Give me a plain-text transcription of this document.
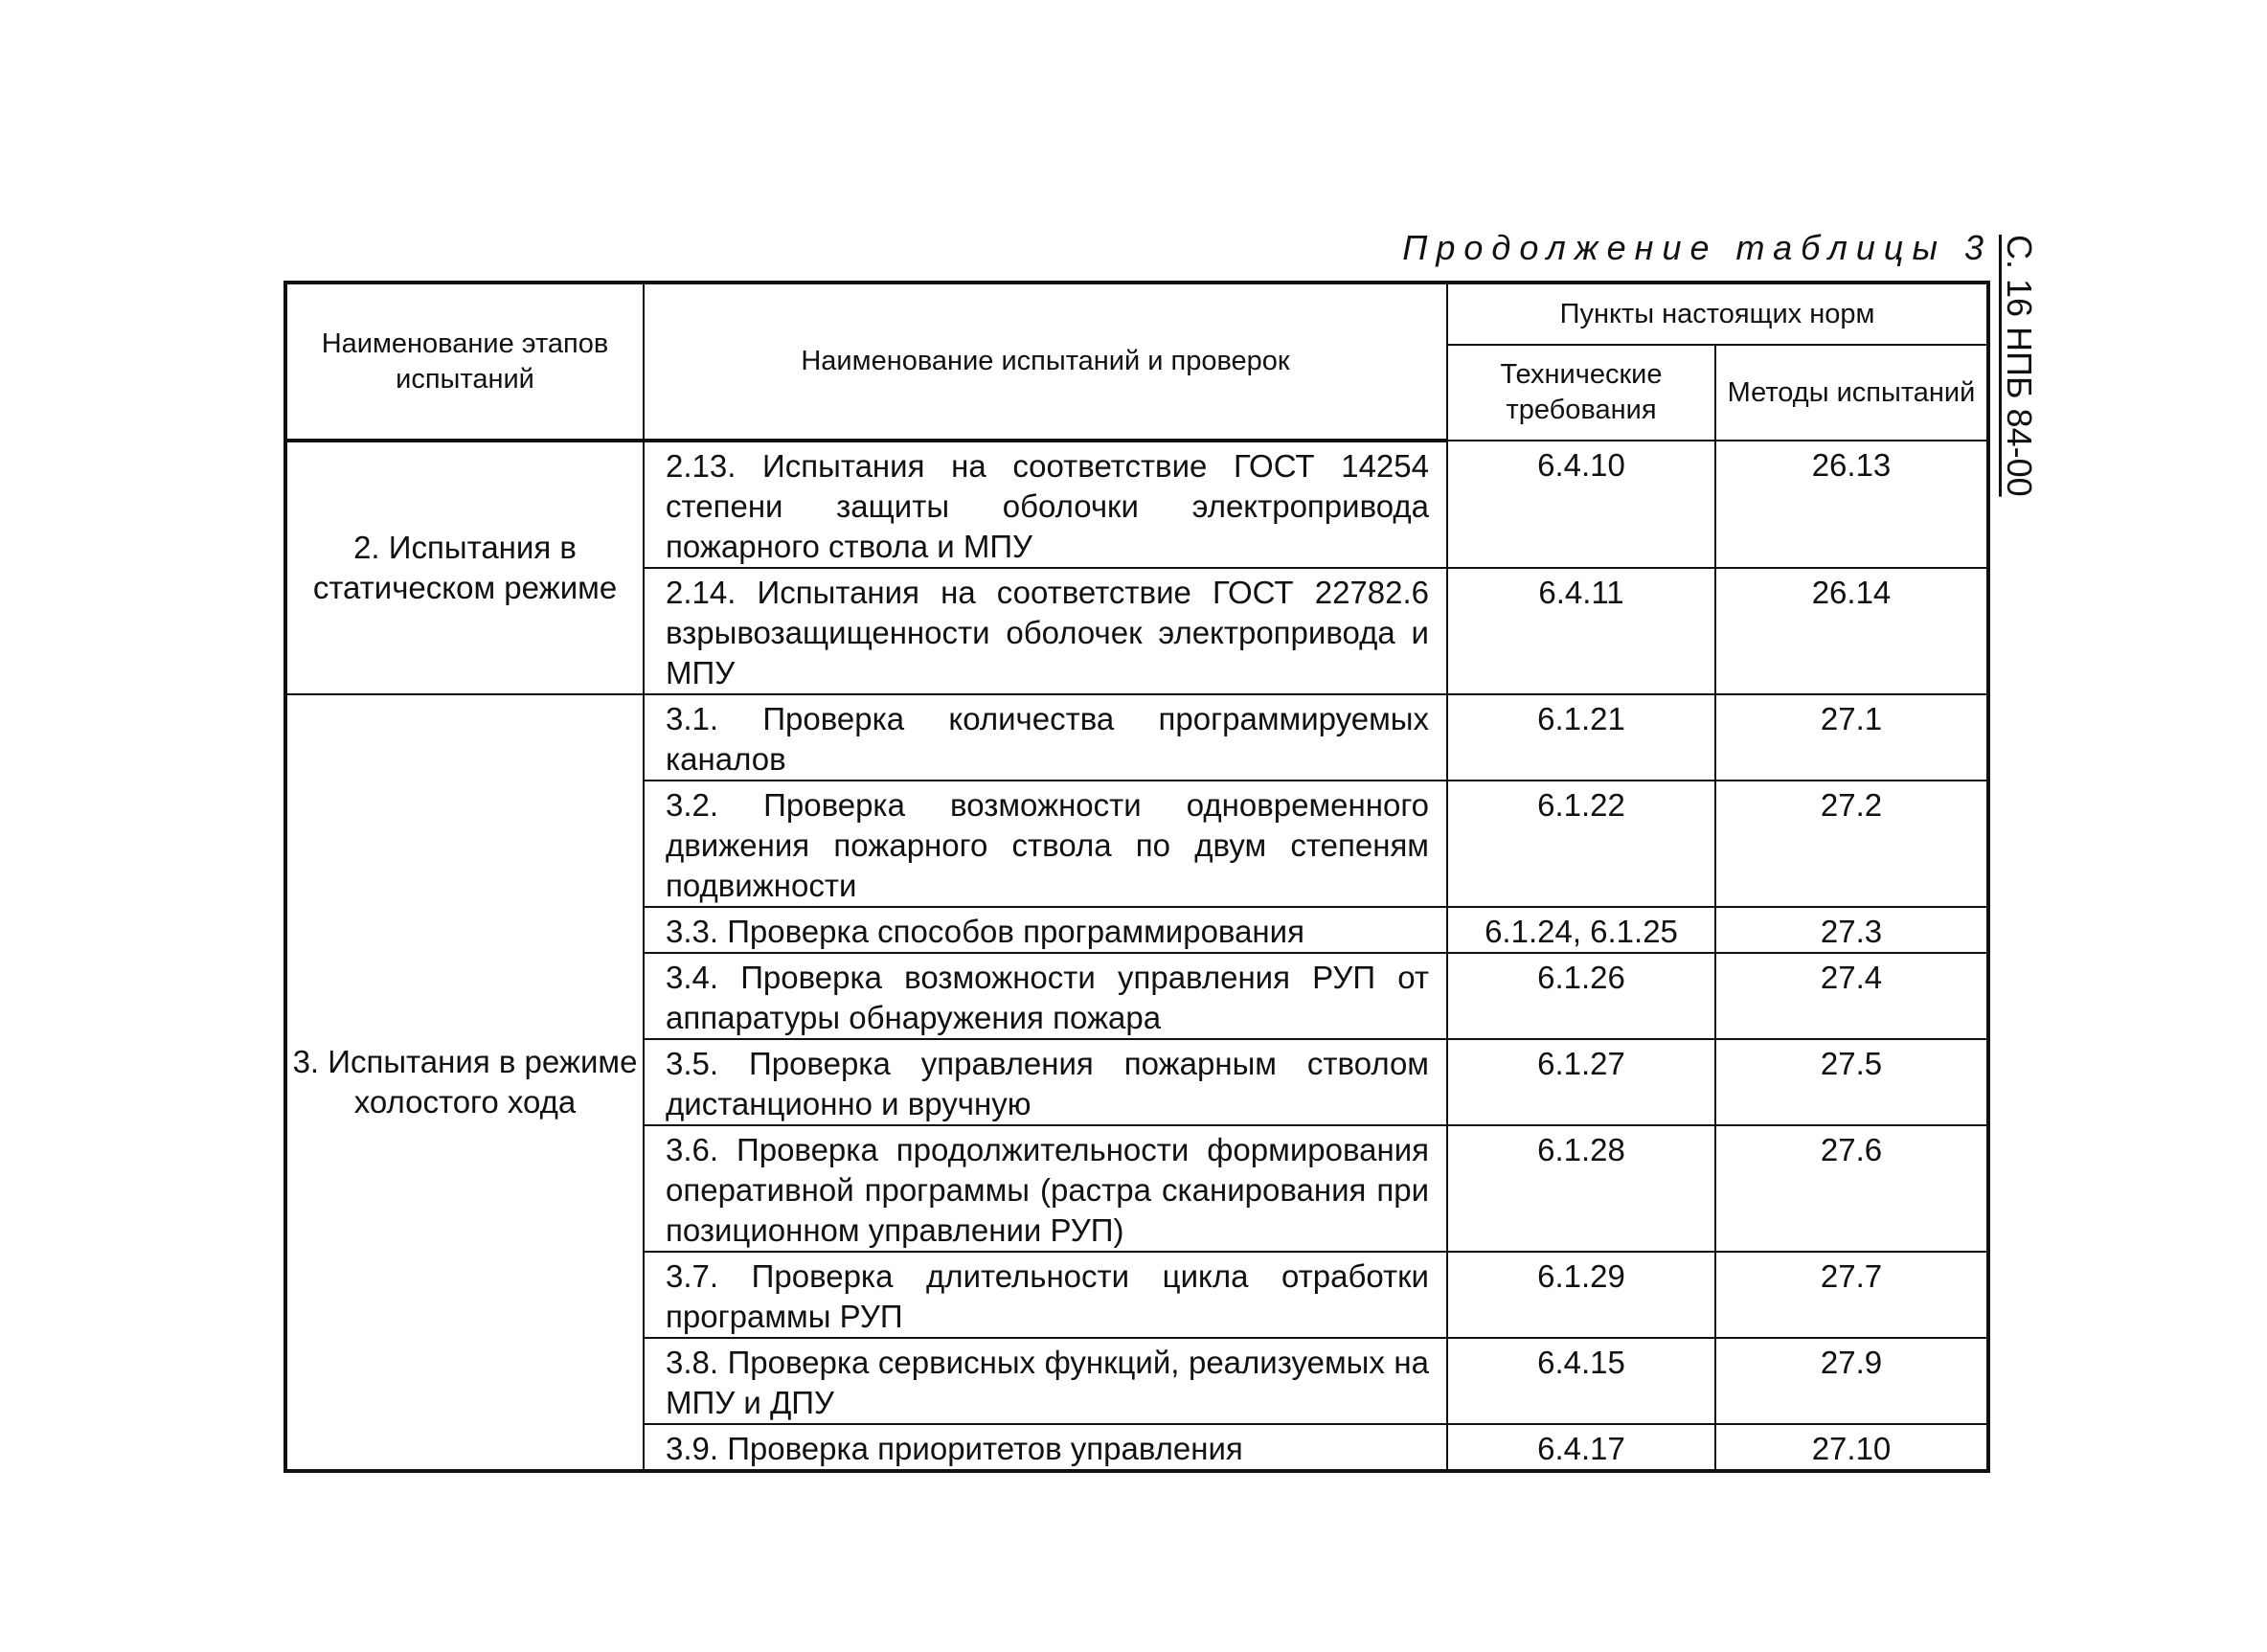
Продолжение таблицы 3 С. 16 НПБ 84-00
Наименование этапов испытаний	Наименование испытаний и проверок	Пункты настоящих норм	
		Технические требования	Методы испытаний
2. Испытания в статическом режиме	2.13. Испытания на соответствие ГОСТ 14254 степени защиты оболочки электропривода пожарного ствола и МПУ	6.4.10	26.13
	2.14. Испытания на соответствие ГОСТ 22782.6 взрывозащищенности оболочек электропривода и МПУ	6.4.11	26.14
3. Испытания в режиме холостого хода	3.1. Проверка количества программируемых каналов	6.1.21	27.1
	3.2. Проверка возможности одновременного движения пожарного ствола по двум степеням подвижности	6.1.22	27.2
	3.3. Проверка способов программирования	6.1.24, 6.1.25	27.3
	3.4. Проверка возможности управления РУП от аппаратуры обнаружения пожара	6.1.26	27.4
	3.5. Проверка управления пожарным стволом дистанционно и вручную	6.1.27	27.5
	3.6. Проверка продолжительности формирования оперативной программы (растра сканирования при позиционном управлении РУП)	6.1.28	27.6
	3.7. Проверка длительности цикла отработки программы РУП	6.1.29	27.7
	3.8. Проверка сервисных функций, реализуемых на МПУ и ДПУ	6.4.15	27.9
	3.9. Проверка приоритетов управления	6.4.17	27.10
